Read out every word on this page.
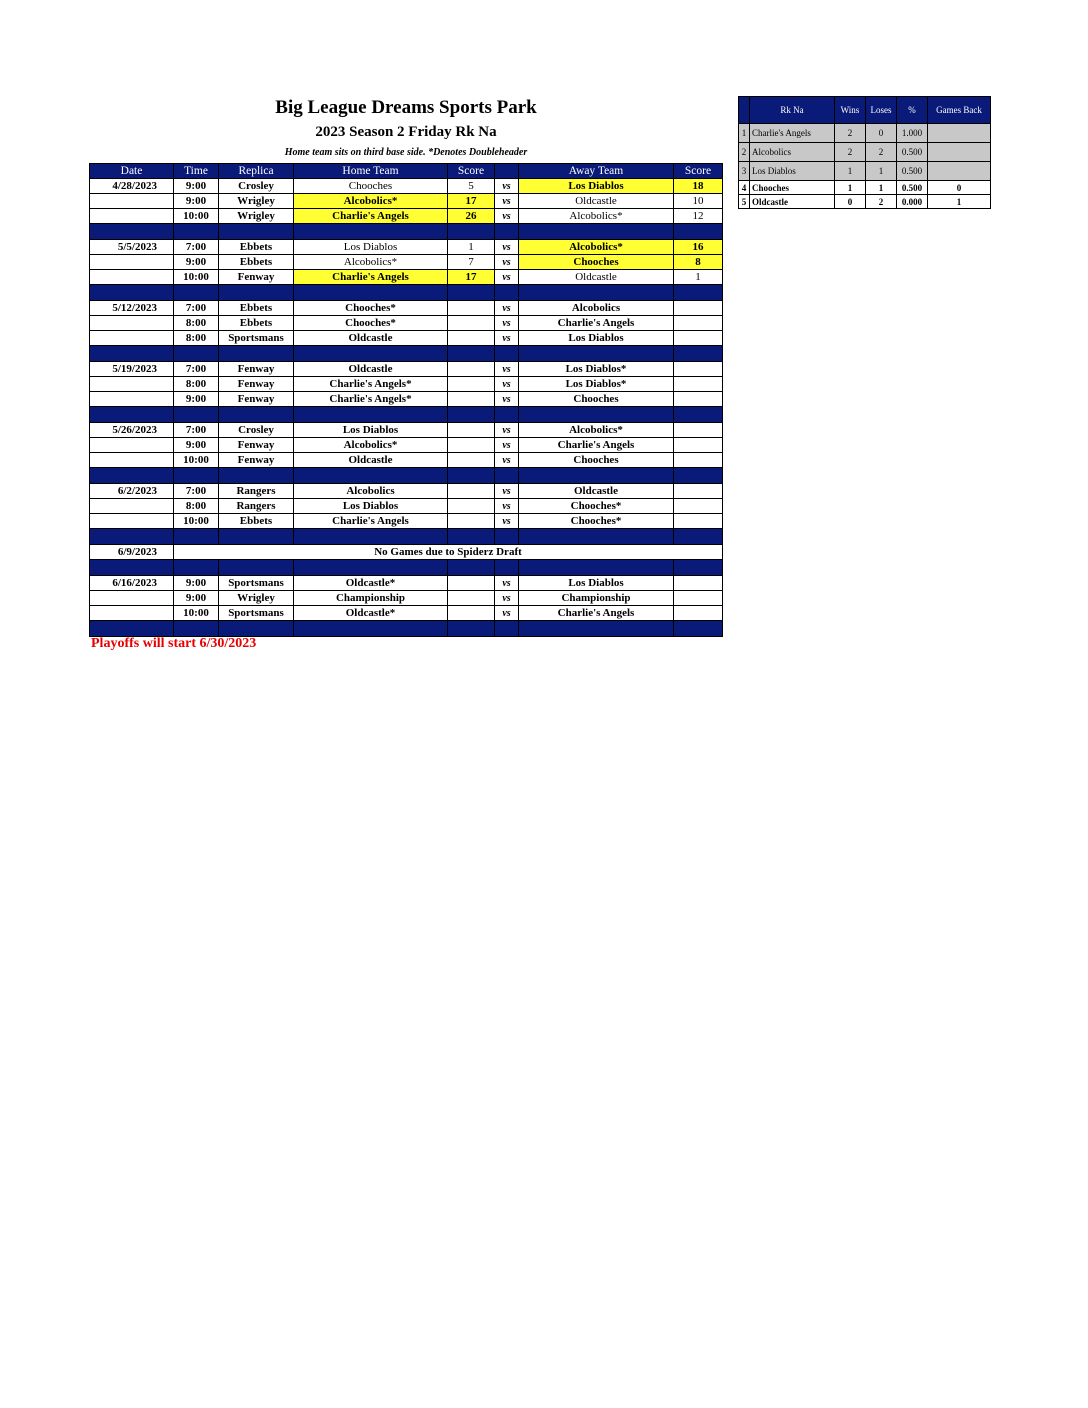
Big League Dreams Sports Park
2023 Season 2 Friday Rk Na
Home team sits on third base side. *Denotes Doubleheader
Date	Time	Replica	Home Team	Score		Away Team	Score
4/28/2023	9:00	Crosley	Chooches	5	vs	Los Diablos	18
	9:00	Wrigley	Alcobolics*	17	vs	Oldcastle	10
	10:00	Wrigley	Charlie's Angels	26	vs	Alcobolics*	12

5/5/2023	7:00	Ebbets	Los Diablos	1	vs	Alcobolics*	16
	9:00	Ebbets	Alcobolics*	7	vs	Chooches	8
	10:00	Fenway	Charlie's Angels	17	vs	Oldcastle	1

5/12/2023	7:00	Ebbets	Chooches*		vs	Alcobolics	
	8:00	Ebbets	Chooches*		vs	Charlie's Angels	
	8:00	Sportsmans	Oldcastle		vs	Los Diablos	

5/19/2023	7:00	Fenway	Oldcastle		vs	Los Diablos*	
	8:00	Fenway	Charlie's Angels*		vs	Los Diablos*	
	9:00	Fenway	Charlie's Angels*		vs	Chooches	

5/26/2023	7:00	Crosley	Los Diablos		vs	Alcobolics*	
	9:00	Fenway	Alcobolics*		vs	Charlie's Angels	
	10:00	Fenway	Oldcastle		vs	Chooches	

6/2/2023	7:00	Rangers	Alcobolics		vs	Oldcastle	
	8:00	Rangers	Los Diablos		vs	Chooches*	
	10:00	Ebbets	Charlie's Angels		vs	Chooches*	

6/9/2023	No Games due to Spiderz Draft						

6/16/2023	9:00	Sportsmans	Oldcastle*		vs	Los Diablos	
	9:00	Wrigley	Championship		vs	Championship	
	10:00	Sportsmans	Oldcastle*		vs	Charlie's Angels	

Playoffs will start 6/30/2023
	Rk Na	Wins	Loses	%	Games Back
1	Charlie's Angels	2	0	1.000	
2	Alcobolics	2	2	0.500	
3	Los Diablos	1	1	0.500	
4	Chooches	1	1	0.500	0
5	Oldcastle	0	2	0.000	1
